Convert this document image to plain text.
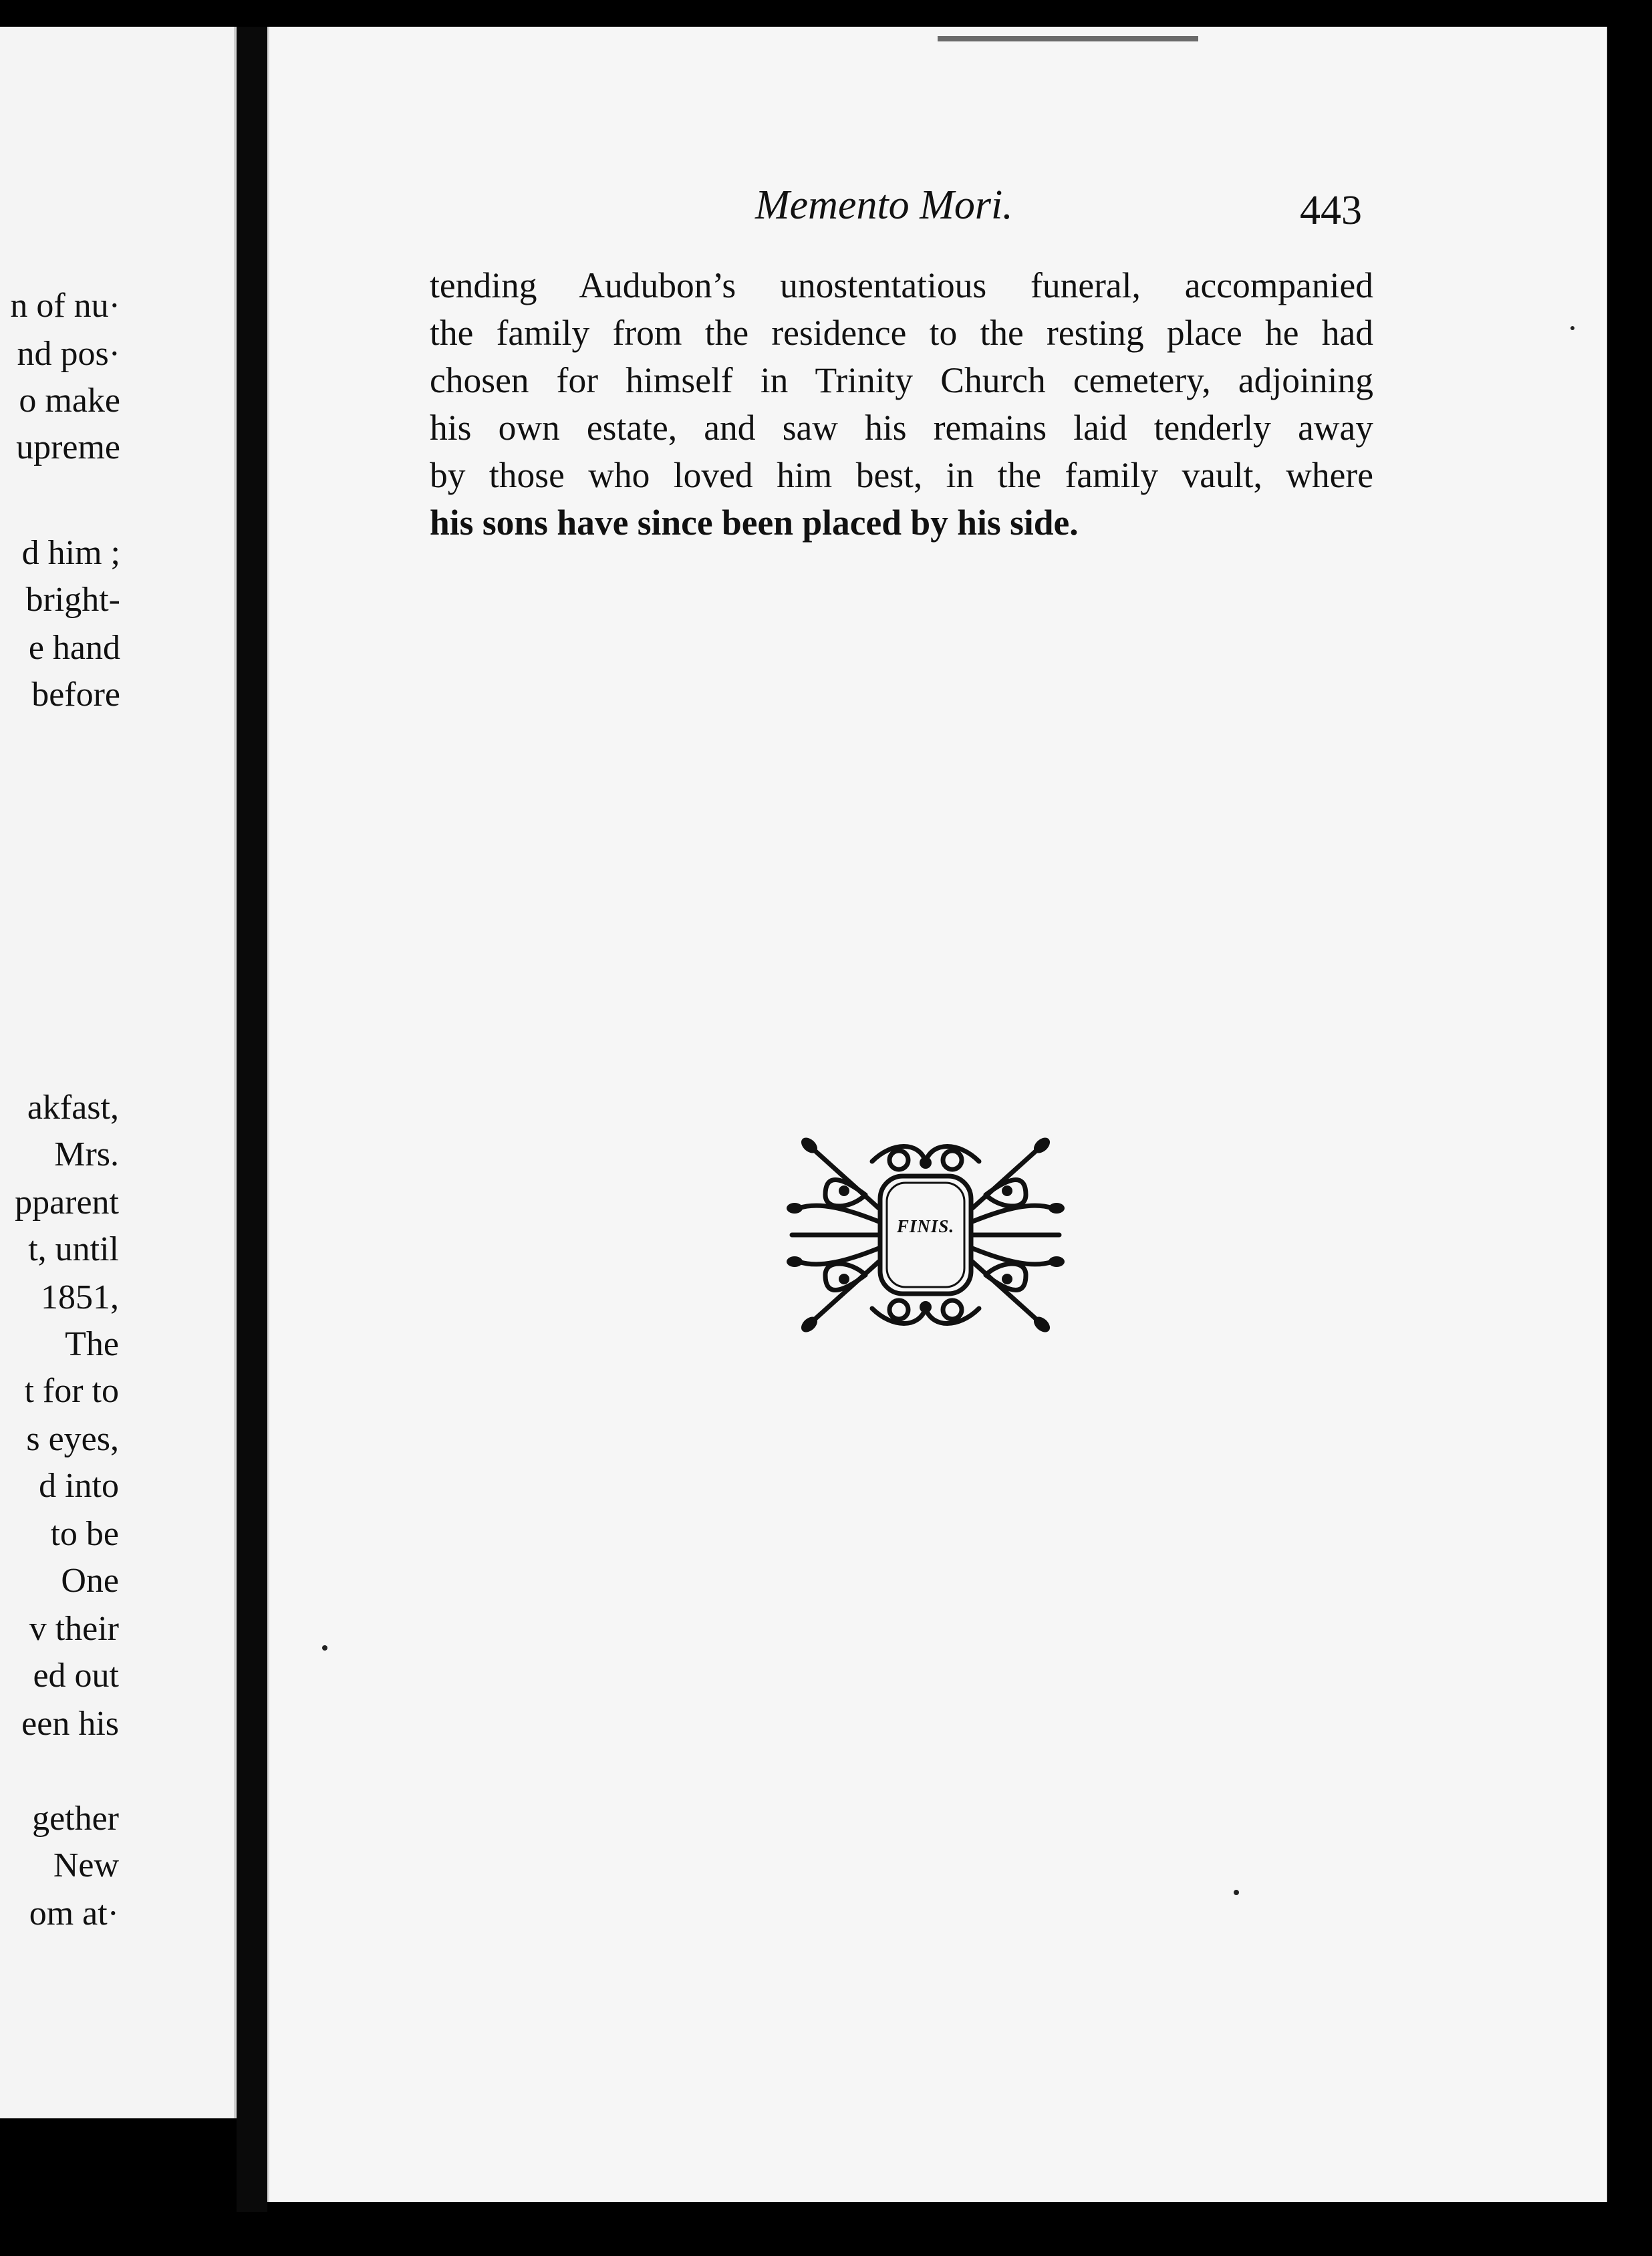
n of nu·
nd pos·
o make
upreme
d him ;
bright-
e hand
before
akfast,
Mrs.
pparent
t, until
1851,
The
t for to
s eyes,
d into
to be
One
v their
ed out
een his
gether
New
om at·
Memento Mori.	443
tending Audubon’s unostentatious funeral, accompanied
the family from the residence to the resting place he had
chosen for himself in Trinity Church cemetery, adjoining
his own estate, and saw his remains laid tenderly away
by those who loved him best, in the family vault, where
his sons have since been placed by his side.
FINIS.
